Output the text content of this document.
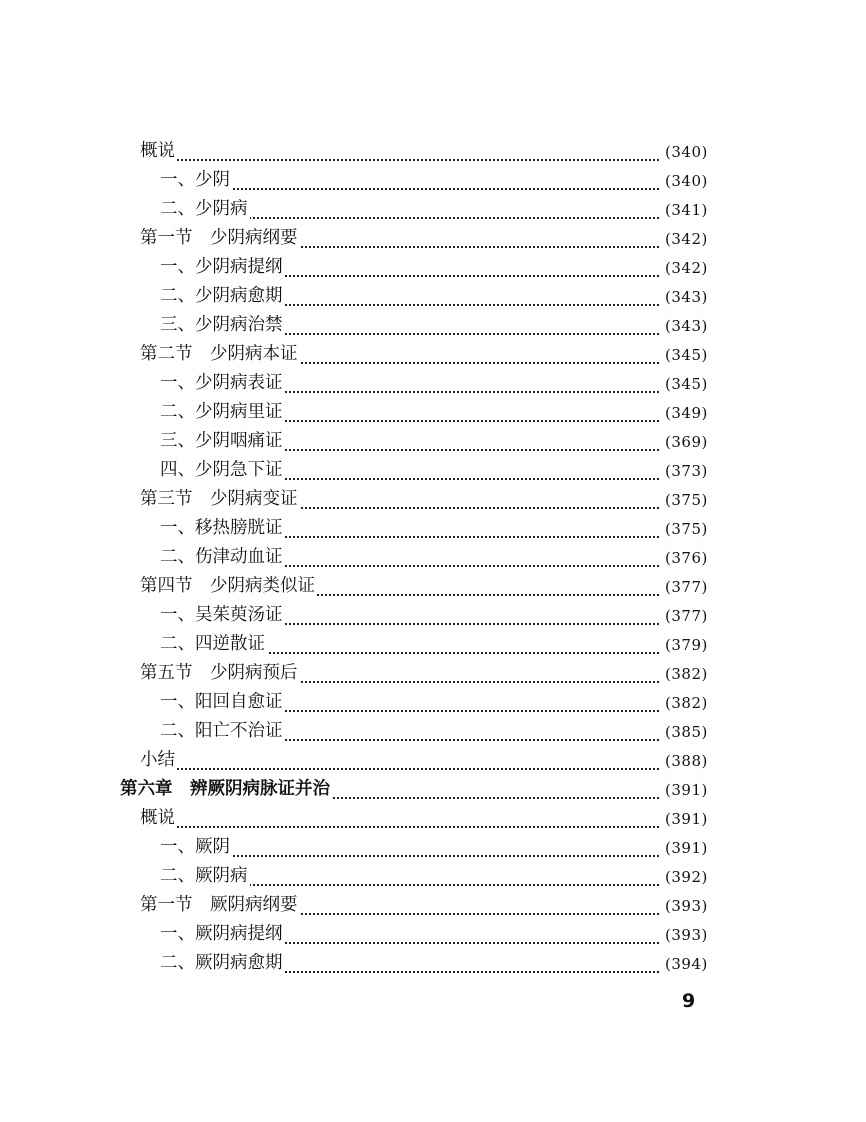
概说	(340)
一、少阴	(340)
二、少阴病	(341)
第一节　少阴病纲要	(342)
一、少阴病提纲	(342)
二、少阴病愈期	(343)
三、少阴病治禁	(343)
第二节　少阴病本证	(345)
一、少阴病表证	(345)
二、少阴病里证	(349)
三、少阴咽痛证	(369)
四、少阴急下证	(373)
第三节　少阴病变证	(375)
一、移热膀胱证	(375)
二、伤津动血证	(376)
第四节　少阴病类似证	(377)
一、吴茱萸汤证	(377)
二、四逆散证	(379)
第五节　少阴病预后	(382)
一、阳回自愈证	(382)
二、阳亡不治证	(385)
小结	(388)
第六章　辨厥阴病脉证并治	(391)
概说	(391)
一、厥阴	(391)
二、厥阴病	(392)
第一节　厥阴病纲要	(393)
一、厥阴病提纲	(393)
二、厥阴病愈期	(394)
9
